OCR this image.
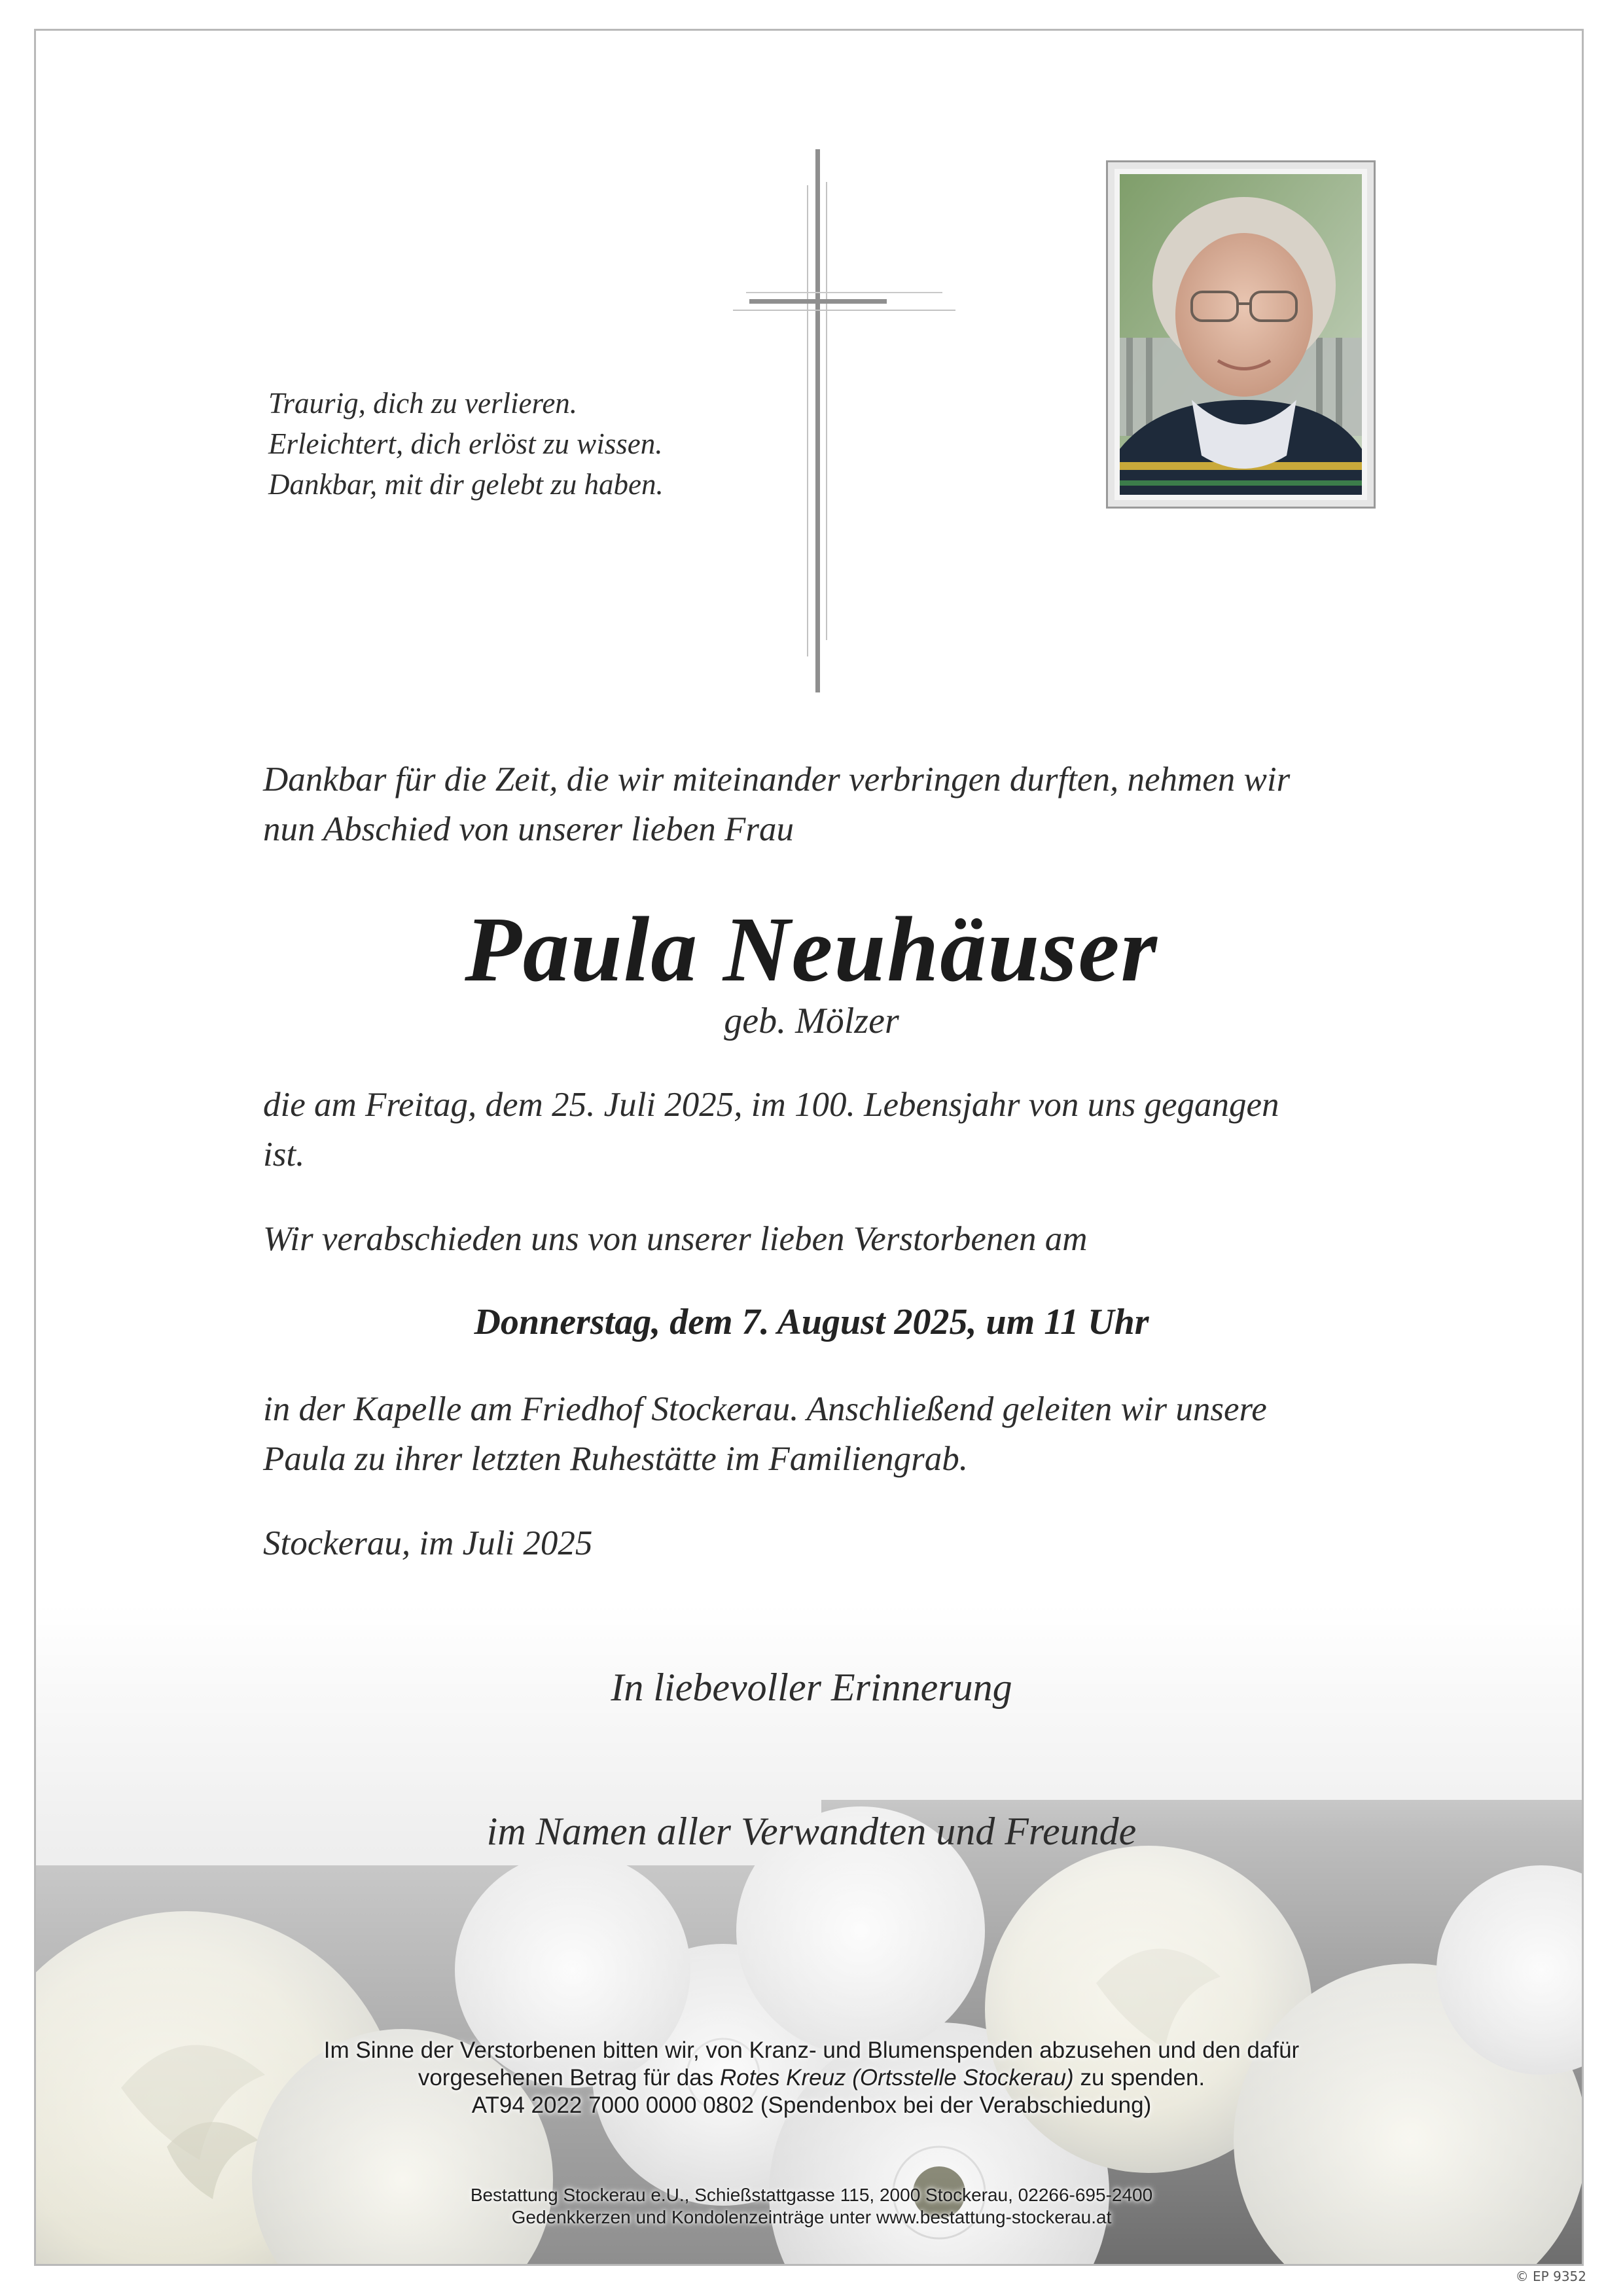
Traurig, dich zu verlieren.
Erleichtert, dich erlöst zu wissen.
Dankbar, mit dir gelebt zu haben.

Dankbar für die Zeit, die wir miteinander verbringen durften, nehmen wir
nun Abschied von unserer lieben Frau

Paula Neuhäuser
geb. Mölzer

die am Freitag, dem 25. Juli 2025, im 100. Lebensjahr von uns gegangen
ist.

Wir verabschieden uns von unserer lieben Verstorbenen am

Donnerstag, dem 7. August 2025, um 11 Uhr

in der Kapelle am Friedhof Stockerau. Anschließend geleiten wir unsere
Paula zu ihrer letzten Ruhestätte im Familiengrab.

Stockerau, im Juli 2025

In liebevoller Erinnerung
im Namen aller Verwandten und Freunde
Im Sinne der Verstorbenen bitten wir, von Kranz- und Blumenspenden abzusehen und den dafür
vorgesehenen Betrag für das Rotes Kreuz (Ortsstelle Stockerau) zu spenden.
AT94 2022 7000 0000 0802 (Spendenbox bei der Verabschiedung)
Bestattung Stockerau e.U., Schießstattgasse 115, 2000 Stockerau, 02266-695-2400
Gedenkkerzen und Kondolenzeinträge unter www.bestattung-stockerau.at
© EP 9352
